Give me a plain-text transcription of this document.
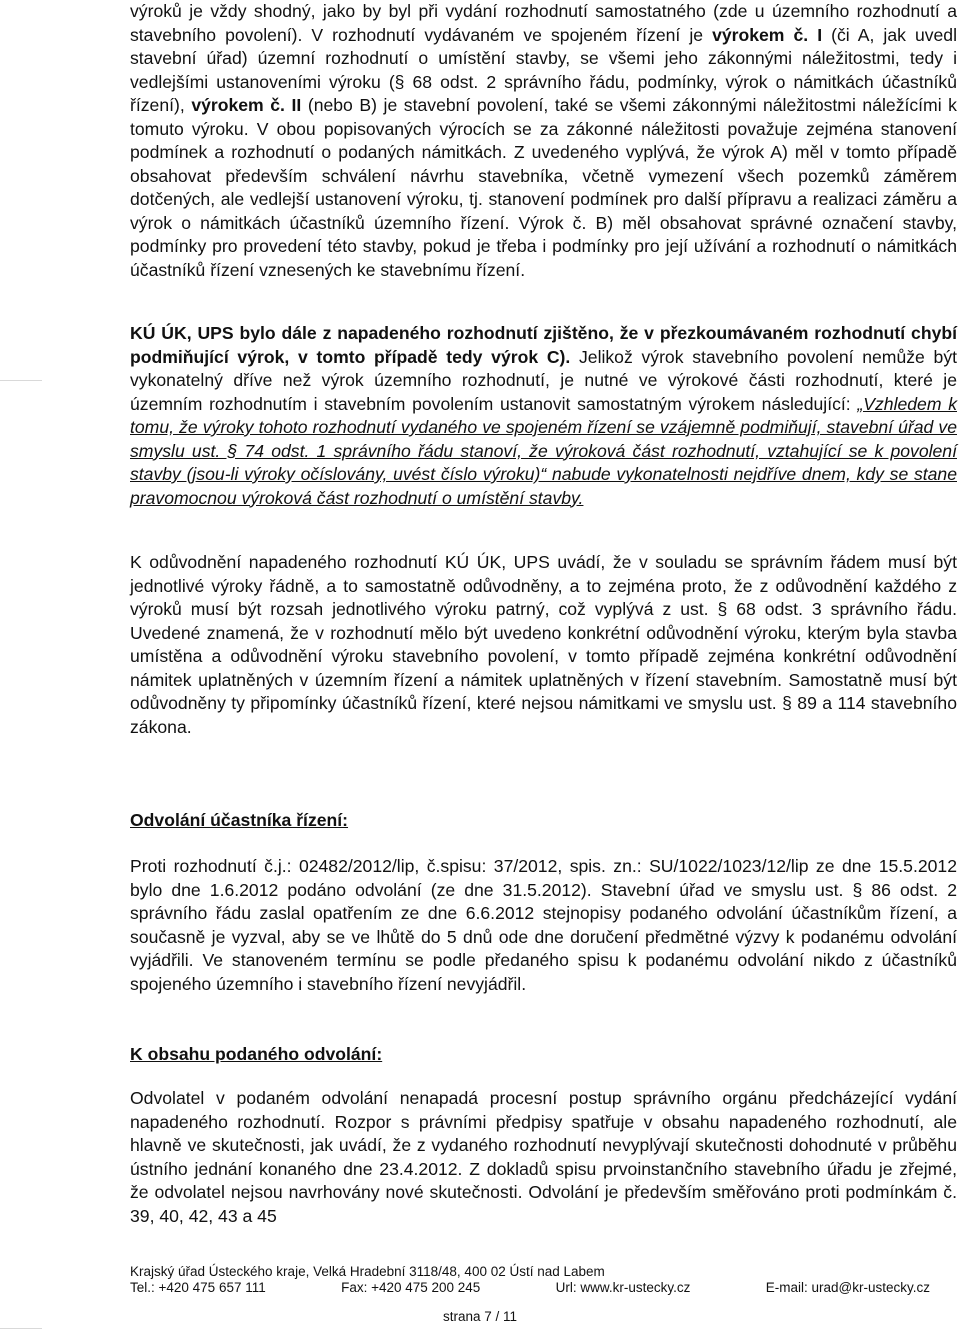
výroků je vždy shodný, jako by byl při vydání rozhodnutí samostatného (zde u územního rozhodnutí a stavebního povolení). V rozhodnutí vydávaném ve spojeném řízení je výrokem č. I (či A, jak uvedl stavební úřad) územní rozhodnutí o umístění stavby, se všemi jeho zákonnými náležitostmi, tedy i vedlejšími ustanoveními výroku (§ 68 odst. 2 správního řádu, podmínky, výrok o námitkách účastníků řízení), výrokem č. II (nebo B) je stavební povolení, také se všemi zákonnými náležitostmi náležícími k tomuto výroku. V obou popisovaných výrocích se za zákonné náležitosti považuje zejména stanovení podmínek a rozhodnutí o podaných námitkách. Z uvedeného vyplývá, že výrok A) měl v tomto případě obsahovat především schválení návrhu stavebníka, včetně vymezení všech pozemků záměrem dotčených, ale vedlejší ustanovení výroku, tj. stanovení podmínek pro další přípravu a realizaci záměru a výrok o námitkách účastníků územního řízení. Výrok č. B) měl obsahovat správné označení stavby, podmínky pro provedení této stavby, pokud je třeba i podmínky pro její užívání a rozhodnutí o námitkách účastníků řízení vznesených ke stavebnímu řízení.

KÚ ÚK, UPS bylo dále z napadeného rozhodnutí zjištěno, že v přezkoumávaném rozhodnutí chybí podmiňující výrok, v tomto případě tedy výrok C). Jelikož výrok stavebního povolení nemůže být vykonatelný dříve než výrok územního rozhodnutí, je nutné ve výrokové části rozhodnutí, které je územním rozhodnutím i stavebním povolením ustanovit samostatným výrokem následující: „Vzhledem k tomu, že výroky tohoto rozhodnutí vydaného ve spojeném řízení se vzájemně podmiňují, stavební úřad ve smyslu ust. § 74 odst. 1 správního řádu stanoví, že výroková část rozhodnutí, vztahující se k povolení stavby (jsou-li výroky očíslovány, uvést číslo výroku)“ nabude vykonatelnosti nejdříve dnem, kdy se stane pravomocnou výroková část rozhodnutí o umístění stavby.

K odůvodnění napadeného rozhodnutí KÚ ÚK, UPS uvádí, že v souladu se správním řádem musí být jednotlivé výroky řádně, a to samostatně odůvodněny, a to zejména proto, že z odůvodnění každého z výroků musí být rozsah jednotlivého výroku patrný, což vyplývá z ust. § 68 odst. 3 správního řádu. Uvedené znamená, že v rozhodnutí mělo být uvedeno konkrétní odůvodnění výroku, kterým byla stavba umístěna a odůvodnění výroku stavebního povolení, v tomto případě zejména konkrétní odůvodnění námitek uplatněných v územním řízení a námitek uplatněných v řízení stavebním. Samostatně musí být odůvodněny ty připomínky účastníků řízení, které nejsou námitkami ve smyslu ust. § 89 a 114 stavebního zákona.

Odvolání účastníka řízení:

Proti rozhodnutí č.j.: 02482/2012/lip, č.spisu: 37/2012, spis. zn.: SU/1022/1023/12/lip ze dne 15.5.2012 bylo dne 1.6.2012 podáno odvolání (ze dne 31.5.2012). Stavební úřad ve smyslu ust. § 86 odst. 2 správního řádu zaslal opatřením ze dne 6.6.2012 stejnopisy podaného odvolání účastníkům řízení, a současně je vyzval, aby se ve lhůtě do 5 dnů ode dne doručení předmětné výzvy k podanému odvolání vyjádřili. Ve stanoveném termínu se podle předaného spisu k podanému odvolání nikdo z účastníků spojeného územního i stavebního řízení nevyjádřil.

K obsahu podaného odvolání:

Odvolatel v podaném odvolání nenapadá procesní postup správního orgánu předcházející vydání napadeného rozhodnutí. Rozpor s právními předpisy spatřuje v obsahu napadeného rozhodnutí, ale hlavně ve skutečnosti, jak uvádí, že z vydaného rozhodnutí nevyplývají skutečnosti dohodnuté v průběhu ústního jednání konaného dne 23.4.2012. Z dokladů spisu prvoinstančního stavebního úřadu je zřejmé, že odvolatel nejsou navrhovány nové skutečnosti. Odvolání je především směřováno proti podmínkám č. 39, 40, 42, 43 a 45

Krajský úřad Ústeckého kraje, Velká Hradební 3118/48, 400 02 Ústí nad Labem
Tel.: +420 475 657 111	Fax: +420 475 200 245	Url: www.kr-ustecky.cz	E-mail: urad@kr-ustecky.cz
strana 7 / 11
